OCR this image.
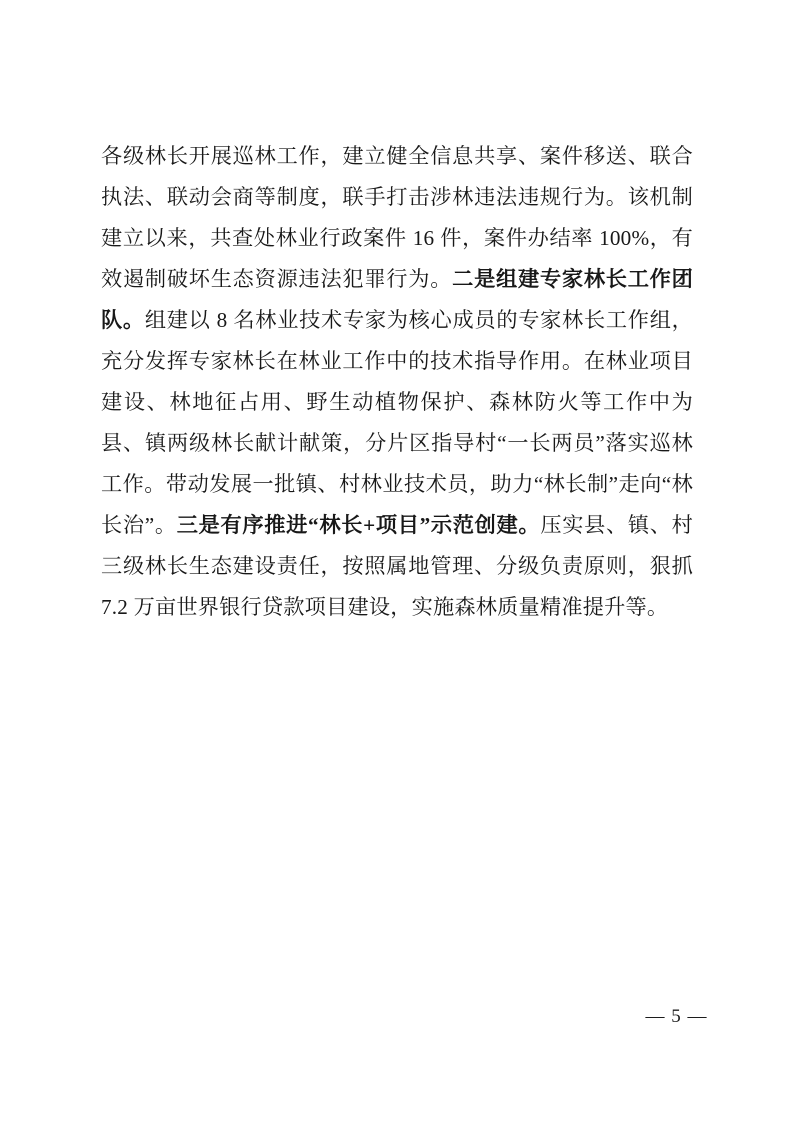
各级林长开展巡林工作，建立健全信息共享、案件移送、联合执法、联动会商等制度，联手打击涉林违法违规行为。该机制建立以来，共查处林业行政案件 16 件，案件办结率 100%，有效遏制破坏生态资源违法犯罪行为。二是组建专家林长工作团队。组建以 8 名林业技术专家为核心成员的专家林长工作组，充分发挥专家林长在林业工作中的技术指导作用。在林业项目建设、林地征占用、野生动植物保护、森林防火等工作中为县、镇两级林长献计献策，分片区指导村“一长两员”落实巡林工作。带动发展一批镇、村林业技术员，助力“林长制”走向“林长治”。三是有序推进“林长+项目”示范创建。压实县、镇、村三级林长生态建设责任，按照属地管理、分级负责原则，狠抓 7.2 万亩世界银行贷款项目建设，实施森林质量精准提升等。

— 5 —
